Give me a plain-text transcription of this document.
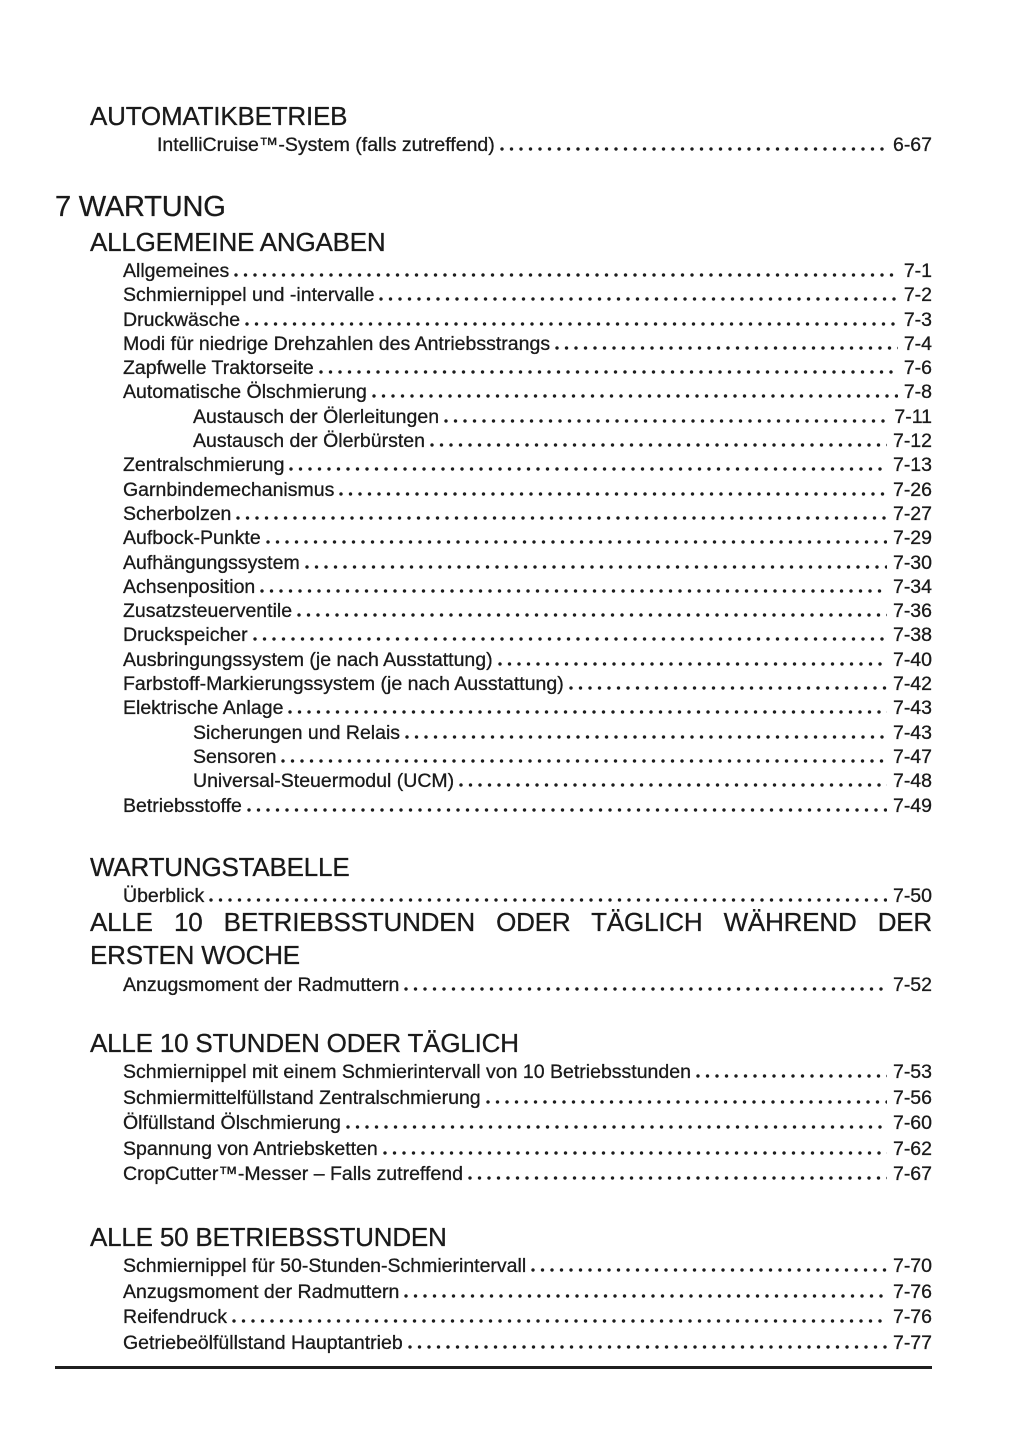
AUTOMATIKBETRIEB
IntelliCruise™-System (falls zutreffend)	6-67
7 WARTUNG
ALLGEMEINE ANGABEN
Allgemeines	7-1
Schmiernippel und -intervalle	7-2
Druckwäsche	7-3
Modi für niedrige Drehzahlen des Antriebsstrangs	7-4
Zapfwelle Traktorseite	7-6
Automatische Ölschmierung	7-8
Austausch der Ölerleitungen	7-11
Austausch der Ölerbürsten	7-12
Zentralschmierung	7-13
Garnbindemechanismus	7-26
Scherbolzen	7-27
Aufbock-Punkte	7-29
Aufhängungssystem	7-30
Achsenposition	7-34
Zusatzsteuerventile	7-36
Druckspeicher	7-38
Ausbringungssystem (je nach Ausstattung)	7-40
Farbstoff-Markierungssystem (je nach Ausstattung)	7-42
Elektrische Anlage	7-43
Sicherungen und Relais	7-43
Sensoren	7-47
Universal-Steuermodul (UCM)	7-48
Betriebsstoffe	7-49
WARTUNGSTABELLE
Überblick	7-50
ALLE 10 BETRIEBSSTUNDEN ODER TÄGLICH WÄHREND DER
ERSTEN WOCHE
Anzugsmoment der Radmuttern	7-52
ALLE 10 STUNDEN ODER TÄGLICH
Schmiernippel mit einem Schmierintervall von 10 Betriebsstunden	7-53
Schmiermittelfüllstand Zentralschmierung	7-56
Ölfüllstand Ölschmierung	7-60
Spannung von Antriebsketten	7-62
CropCutter™-Messer – Falls zutreffend	7-67
ALLE 50 BETRIEBSSTUNDEN
Schmiernippel für 50-Stunden-Schmierintervall	7-70
Anzugsmoment der Radmuttern	7-76
Reifendruck	7-76
Getriebeölfüllstand Hauptantrieb	7-77
